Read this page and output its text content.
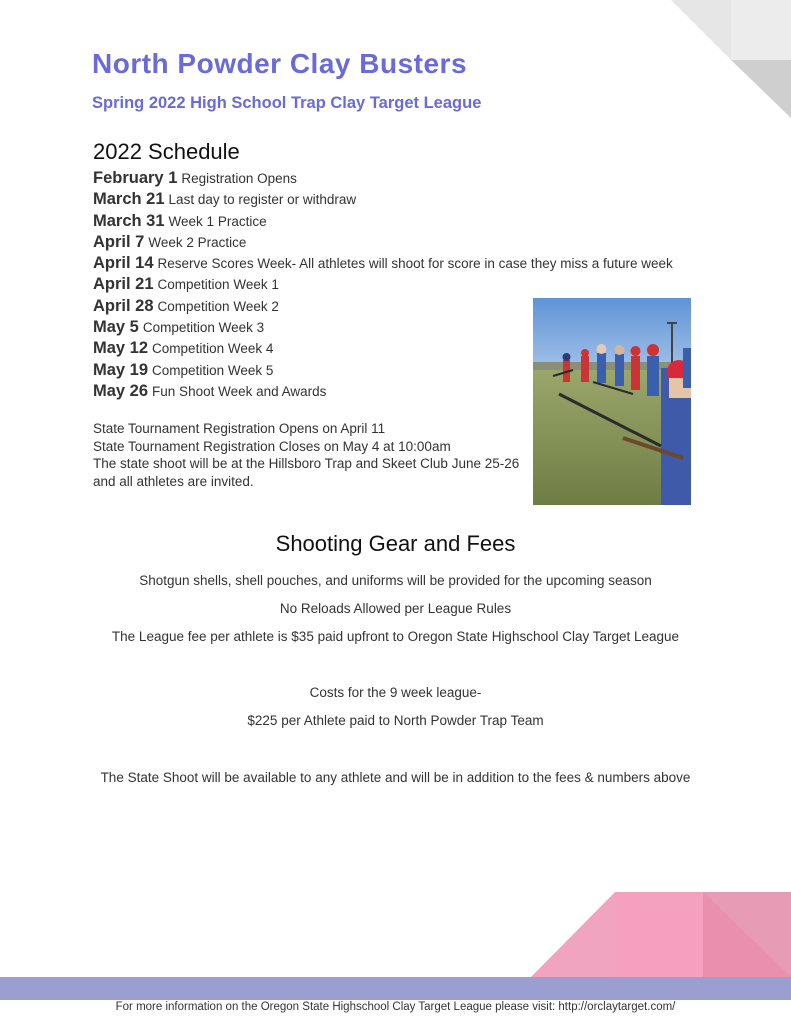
North Powder Clay Busters
Spring 2022 High School Trap Clay Target League
2022 Schedule
February 1 Registration Opens
March 21 Last day to register or withdraw
March 31 Week 1 Practice
April 7 Week 2 Practice
April 14 Reserve Scores Week- All athletes will shoot for score in case they miss a future week
April 21 Competition Week 1
April 28 Competition Week 2
May 5 Competition Week 3
May 12 Competition Week 4
May 19 Competition Week 5
May 26 Fun Shoot Week and Awards

State Tournament Registration Opens on April 11

State Tournament Registration Closes on May 4 at 10:00am

The state shoot will be at the Hillsboro Trap and Skeet Club June 25-26 and all athletes are invited.

Shooting Gear and Fees
Shotgun shells, shell pouches, and uniforms will be provided for the upcoming season
No Reloads Allowed per League Rules
The League fee per athlete is $35 paid upfront to Oregon State Highschool Clay Target League
Costs for the 9 week league-
$225 per Athlete paid to North Powder Trap Team
The State Shoot will be available to any athlete and will be in addition to the fees & numbers above
For more information on the Oregon State Highschool Clay Target League please visit: http://orclaytarget.com/
